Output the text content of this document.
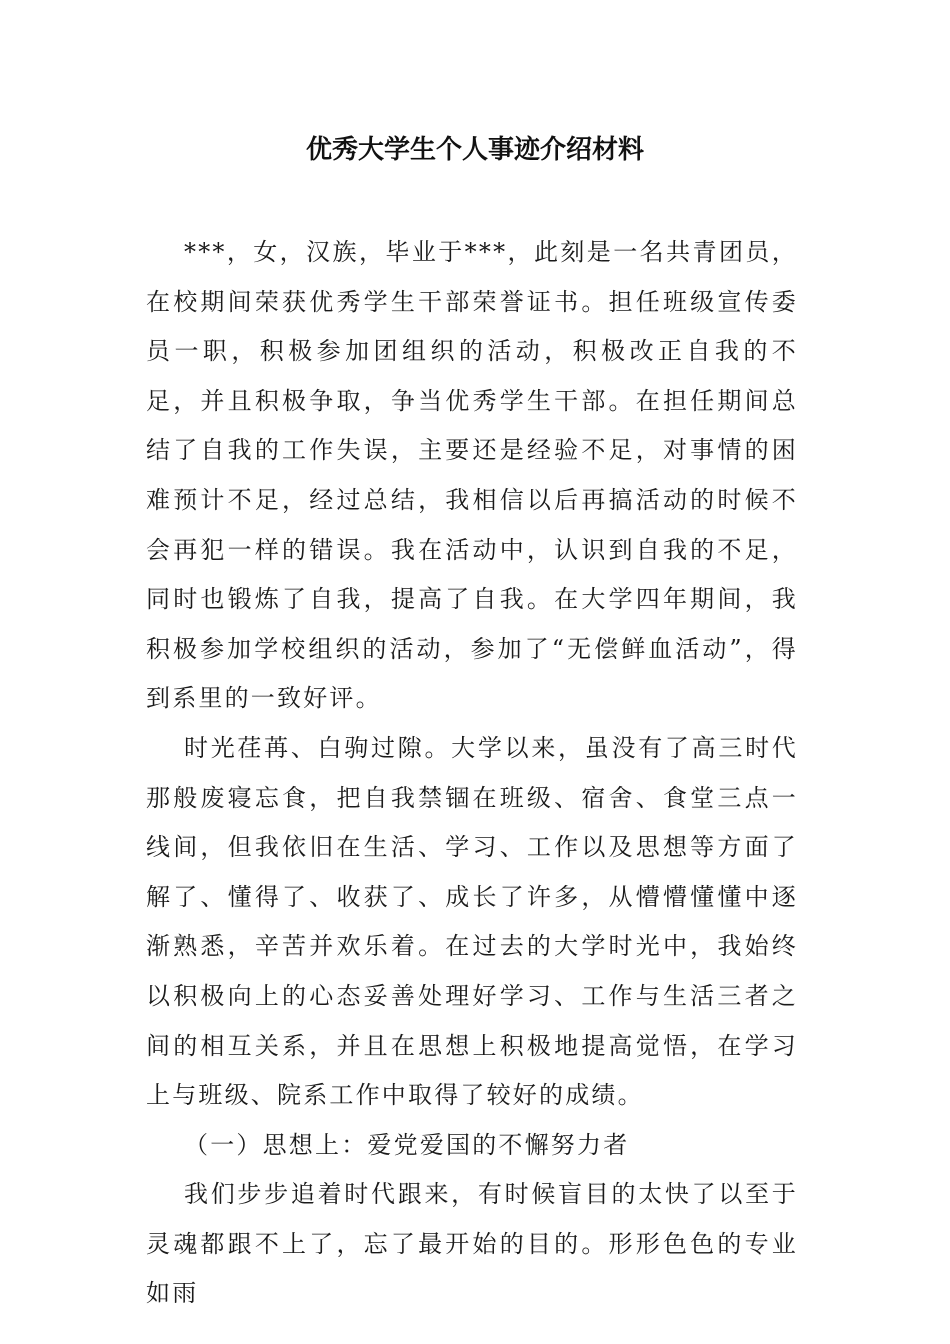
优秀大学生个人事迹介绍材料

***，女，汉族，毕业于***，此刻是一名共青团员，在校期间荣获优秀学生干部荣誉证书。担任班级宣传委员一职，积极参加团组织的活动，积极改正自我的不足，并且积极争取，争当优秀学生干部。在担任期间总结了自我的工作失误，主要还是经验不足，对事情的困难预计不足，经过总结，我相信以后再搞活动的时候不会再犯一样的错误。我在活动中，认识到自我的不足，同时也锻炼了自我，提高了自我。在大学四年期间，我积极参加学校组织的活动，参加了“无偿鲜血活动”，得到系里的一致好评。

时光荏苒、白驹过隙。大学以来，虽没有了高三时代那般废寝忘食，把自我禁锢在班级、宿舍、食堂三点一线间，但我依旧在生活、学习、工作以及思想等方面了解了、懂得了、收获了、成长了许多，从懵懵懂懂中逐渐熟悉，辛苦并欢乐着。在过去的大学时光中，我始终以积极向上的心态妥善处理好学习、工作与生活三者之间的相互关系，并且在思想上积极地提高觉悟，在学习上与班级、院系工作中取得了较好的成绩。

（一）思想上：爱党爱国的不懈努力者

我们步步追着时代跟来，有时候盲目的太快了以至于灵魂都跟不上了，忘了最开始的目的。形形色色的专业如雨
